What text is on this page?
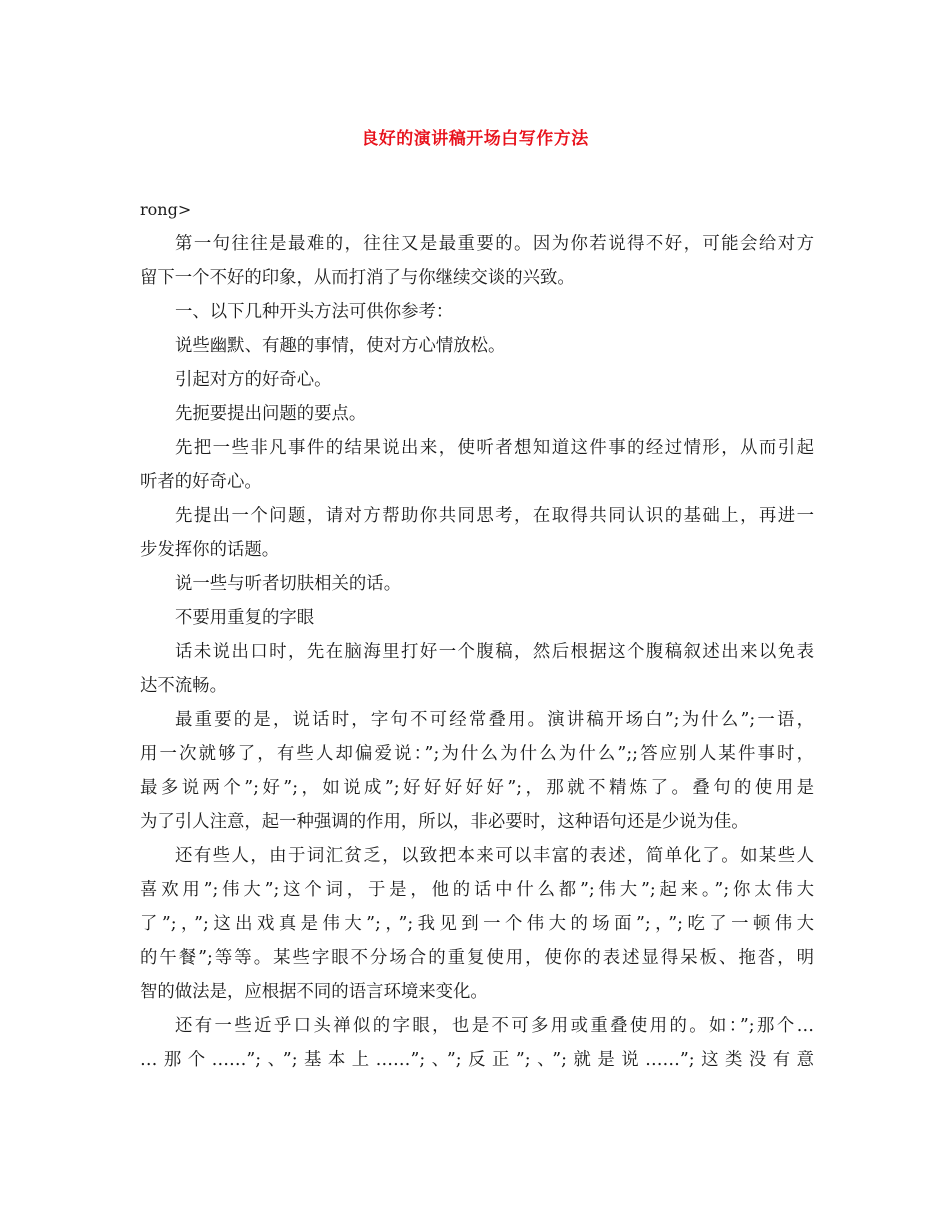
良好的演讲稿开场白写作方法
rong>
第一句往往是最难的，往往又是最重要的。因为你若说得不好，可能会给对方
留下一个不好的印象，从而打消了与你继续交谈的兴致。
一、以下几种开头方法可供你参考：
说些幽默、有趣的事情，使对方心情放松。
引起对方的好奇心。
先扼要提出问题的要点。
先把一些非凡事件的结果说出来，使听者想知道这件事的经过情形，从而引起
听者的好奇心。
先提出一个问题，请对方帮助你共同思考，在取得共同认识的基础上，再进一
步发挥你的话题。
说一些与听者切肤相关的话。
不要用重复的字眼
话未说出口时，先在脑海里打好一个腹稿，然后根据这个腹稿叙述出来以免表
达不流畅。
最重要的是，说话时，字句不可经常叠用。演讲稿开场白”;为什么”;一语，
用一次就够了，有些人却偏爱说：”;为什么为什么为什么”;;答应别人某件事时，
最多说两个”;好”;，如说成”;好好好好好”;，那就不精炼了。叠句的使用是
为了引人注意，起一种强调的作用，所以，非必要时，这种语句还是少说为佳。
还有些人，由于词汇贫乏，以致把本来可以丰富的表述，简单化了。如某些人
喜欢用”;伟大”;这个词，于是，他的话中什么都”;伟大”;起来。”;你太伟大
了”;，”;这出戏真是伟大”;，”;我见到一个伟大的场面”;，”;吃了一顿伟大
的午餐”;等等。某些字眼不分场合的重复使用，使你的表述显得呆板、拖沓，明
智的做法是，应根据不同的语言环境来变化。
还有一些近乎口头禅似的字眼，也是不可多用或重叠使用的。如：”;那个…
…那个……”;、”;基本上……”;、”;反正”;、”;就是说……”;这类没有意
